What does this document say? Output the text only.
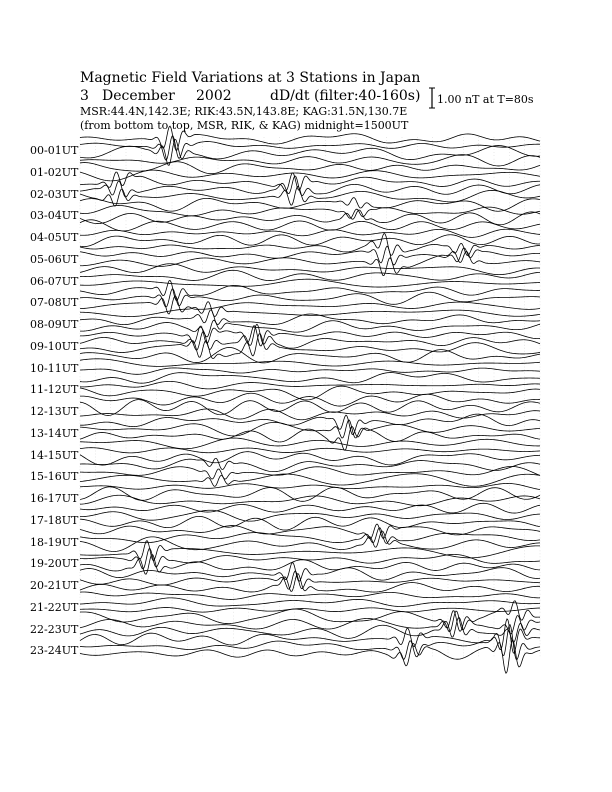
Magnetic Field Variations at 3 Stations in Japan
3 December 2002	dD/dt (filter:40-160s)
MSR:44.4N,142.3E; RIK:43.5N,143.8E; KAG:31.5N,130.7E
(from bottom to top, MSR, RIK, & KAG) midnight=1500UT
1.00 nT at T=80s
00-01UT
01-02UT
02-03UT
03-04UT
04-05UT
05-06UT
06-07UT
07-08UT
08-09UT
09-10UT
10-11UT
11-12UT
12-13UT
13-14UT
14-15UT
15-16UT
16-17UT
17-18UT
18-19UT
19-20UT
20-21UT
21-22UT
22-23UT
23-24UT
